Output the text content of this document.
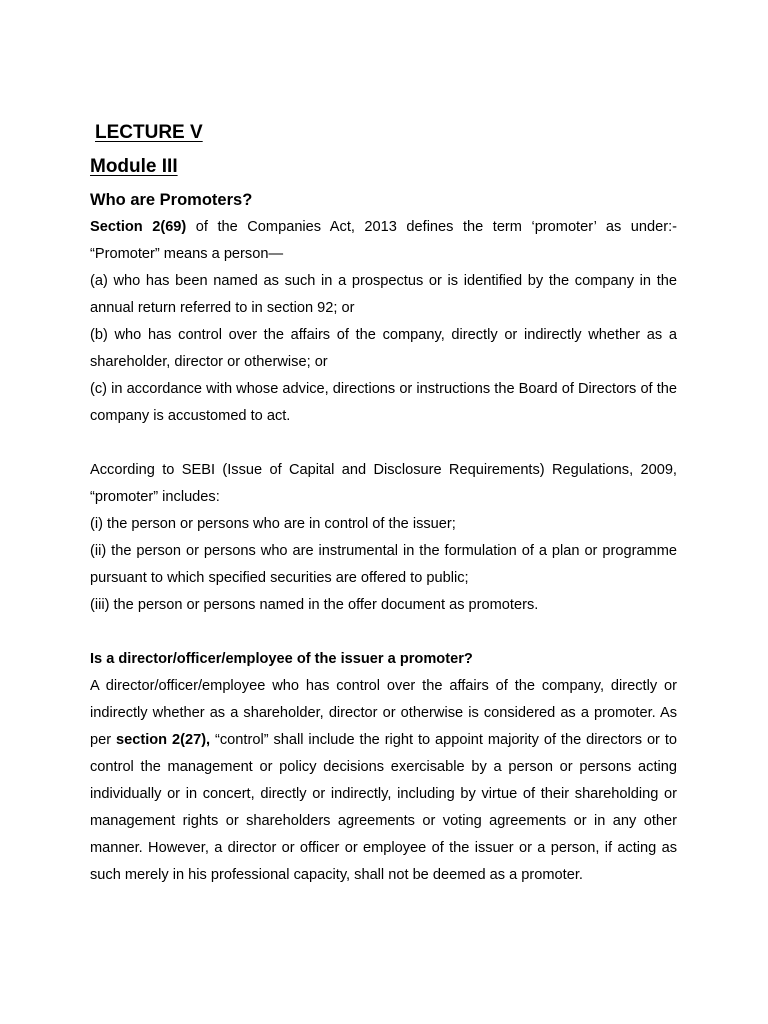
LECTURE V
Module III
Who are Promoters?

Section 2(69) of the Companies Act, 2013 defines the term ‘promoter’ as under:- “Promoter” means a person—

(a) who has been named as such in a prospectus or is identified by the company in the annual return referred to in section 92; or

(b) who has control over the affairs of the company, directly or indirectly whether as a shareholder, director or otherwise; or

(c) in accordance with whose advice, directions or instructions the Board of Directors of the company is accustomed to act.

According to SEBI (Issue of Capital and Disclosure Requirements) Regulations, 2009, “promoter” includes:

(i) the person or persons who are in control of the issuer;

(ii) the person or persons who are instrumental in the formulation of a plan or programme pursuant to which specified securities are offered to public;

(iii) the person or persons named in the offer document as promoters.

Is a director/officer/employee of the issuer a promoter?

A director/officer/employee who has control over the affairs of the company, directly or indirectly whether as a shareholder, director or otherwise is considered as a promoter. As per section 2(27), “control” shall include the right to appoint majority of the directors or to control the management or policy decisions exercisable by a person or persons acting individually or in concert, directly or indirectly, including by virtue of their shareholding or management rights or shareholders agreements or voting agreements or in any other manner. However, a director or officer or employee of the issuer or a person, if acting as such merely in his professional capacity, shall not be deemed as a promoter.
